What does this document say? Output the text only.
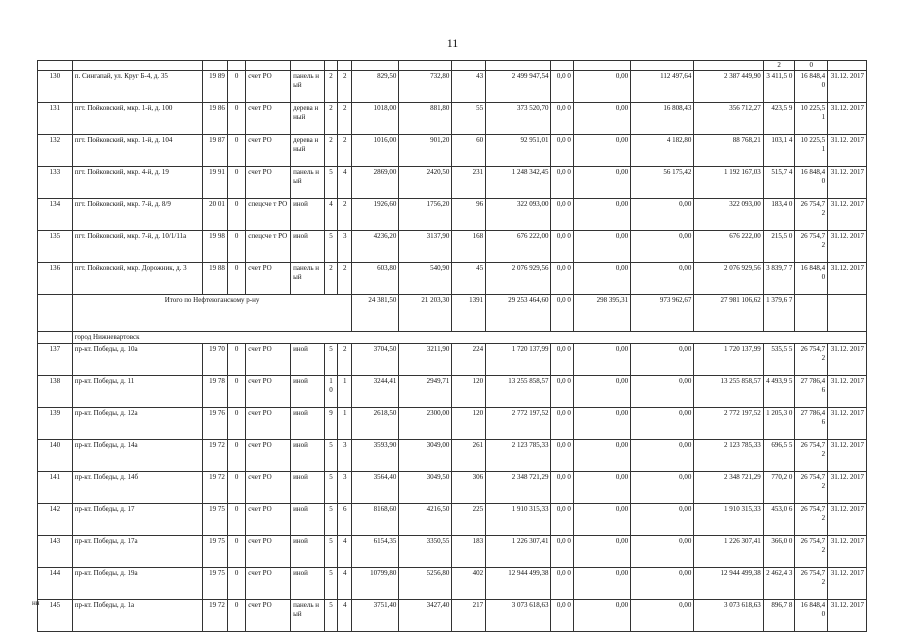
11
																2	0	
130	п. Сингапай, ул. Круг Б-4, д. 35	19 89	0	счет РО	панель ный	2	2	829,50	732,80	43	2 499 947,54	0,0 0	0,00	112 497,64	2 387 449,90	3 411,5 0	16 848,4 0	31.12. 2017
131	пгт. Пойковский, мкр. 1-й, д. 100	19 86	0	счет РО	дерева нный	2	2	1018,00	881,80	55	373 520,70	0,0 0	0,00	16 808,43	356 712,27	423,5 9	10 225,5 1	31.12. 2017
132	пгт. Пойковский, мкр. 1-й, д. 104	19 87	0	счет РО	дерева нный	2	2	1016,00	901,20	60	92 951,01	0,0 0	0,00	4 182,80	88 768,21	103,1 4	10 225,5 1	31.12. 2017
133	пгт. Пойковский, мкр. 4-й, д. 19	19 91	0	счет РО	панель ный	5	4	2869,00	2420,50	231	1 248 342,45	0,0 0	0,00	56 175,42	1 192 167,03	515,7 4	16 848,4 0	31.12. 2017
134	пгт. Пойковский, мкр. 7-й, д. 8/9	20 01	0	спецсче т РО	иной	4	2	1926,60	1756,20	96	322 093,00	0,0 0	0,00	0,00	322 093,00	183,4 0	26 754,7 2	31.12. 2017
135	пгт. Пойковский, мкр. 7-й, д. 10/1/11а	19 98	0	спецсче т РО	иной	5	3	4236,20	3137,90	168	676 222,00	0,0 0	0,00	0,00	676 222,00	215,5 0	26 754,7 2	31.12. 2017
136	пгт. Пойковский, мкр. Дорожник, д. 3	19 88	0	счет РО	панель ный	2	2	603,80	540,90	45	2 076 929,56	0,0 0	0,00	0,00	2 076 929,56	3 839,7 7	16 848,4 0	31.12. 2017
	Итого по Нефтеюганскому р-ну							24 381,50	21 203,30	1391	29 253 464,60	0,0 0	298 395,31	973 962,67	27 981 106,62	1 379,6 7		
	город Нижневартовск																	
137	пр-кт. Победы, д. 10а	19 70	0	счет РО	иной	5	2	3704,50	3211,90	224	1 720 137,99	0,0 0	0,00	0,00	1 720 137,99	535,5 5	26 754,7 2	31.12. 2017
138	пр-кт. Победы, д. 11	19 78	0	счет РО	иной	1 0	1	3244,41	2949,71	120	13 255 858,57	0,0 0	0,00	0,00	13 255 858,57	4 493,9 5	27 786,4 6	31.12. 2017
139	пр-кт. Победы, д. 12а	19 76	0	счет РО	иной	9	1	2618,50	2300,00	120	2 772 197,52	0,0 0	0,00	0,00	2 772 197,52	1 205,3 0	27 786,4 6	31.12. 2017
140	пр-кт. Победы, д. 14а	19 72	0	счет РО	иной	5	3	3593,90	3049,00	261	2 123 785,33	0,0 0	0,00	0,00	2 123 785,33	696,5 5	26 754,7 2	31.12. 2017
141	пр-кт. Победы, д. 14б	19 72	0	счет РО	иной	5	3	3564,40	3049,50	306	2 348 721,29	0,0 0	0,00	0,00	2 348 721,29	770,2 0	26 754,7 2	31.12. 2017
142	пр-кт. Победы, д. 17	19 75	0	счет РО	иной	5	6	8168,60	4216,50	225	1 910 315,33	0,0 0	0,00	0,00	1 910 315,33	453,0 6	26 754,7 2	31.12. 2017
143	пр-кт. Победы, д. 17а	19 75	0	счет РО	иной	5	4	6154,35	3350,55	183	1 226 307,41	0,0 0	0,00	0,00	1 226 307,41	366,0 0	26 754,7 2	31.12. 2017
144	пр-кт. Победы, д. 19а	19 75	0	счет РО	иной	5	4	10799,80	5256,80	402	12 944 499,38	0,0 0	0,00	0,00	12 944 499,38	2 462,4 3	26 754,7 2	31.12. 2017
145	пр-кт. Победы, д. 1а	19 72	0	счет РО	панель ный	5	4	3751,40	3427,40	217	3 073 618,63	0,0 0	0,00	0,00	3 073 618,63	896,7 8	16 848,4 0	31.12. 2017
нн
